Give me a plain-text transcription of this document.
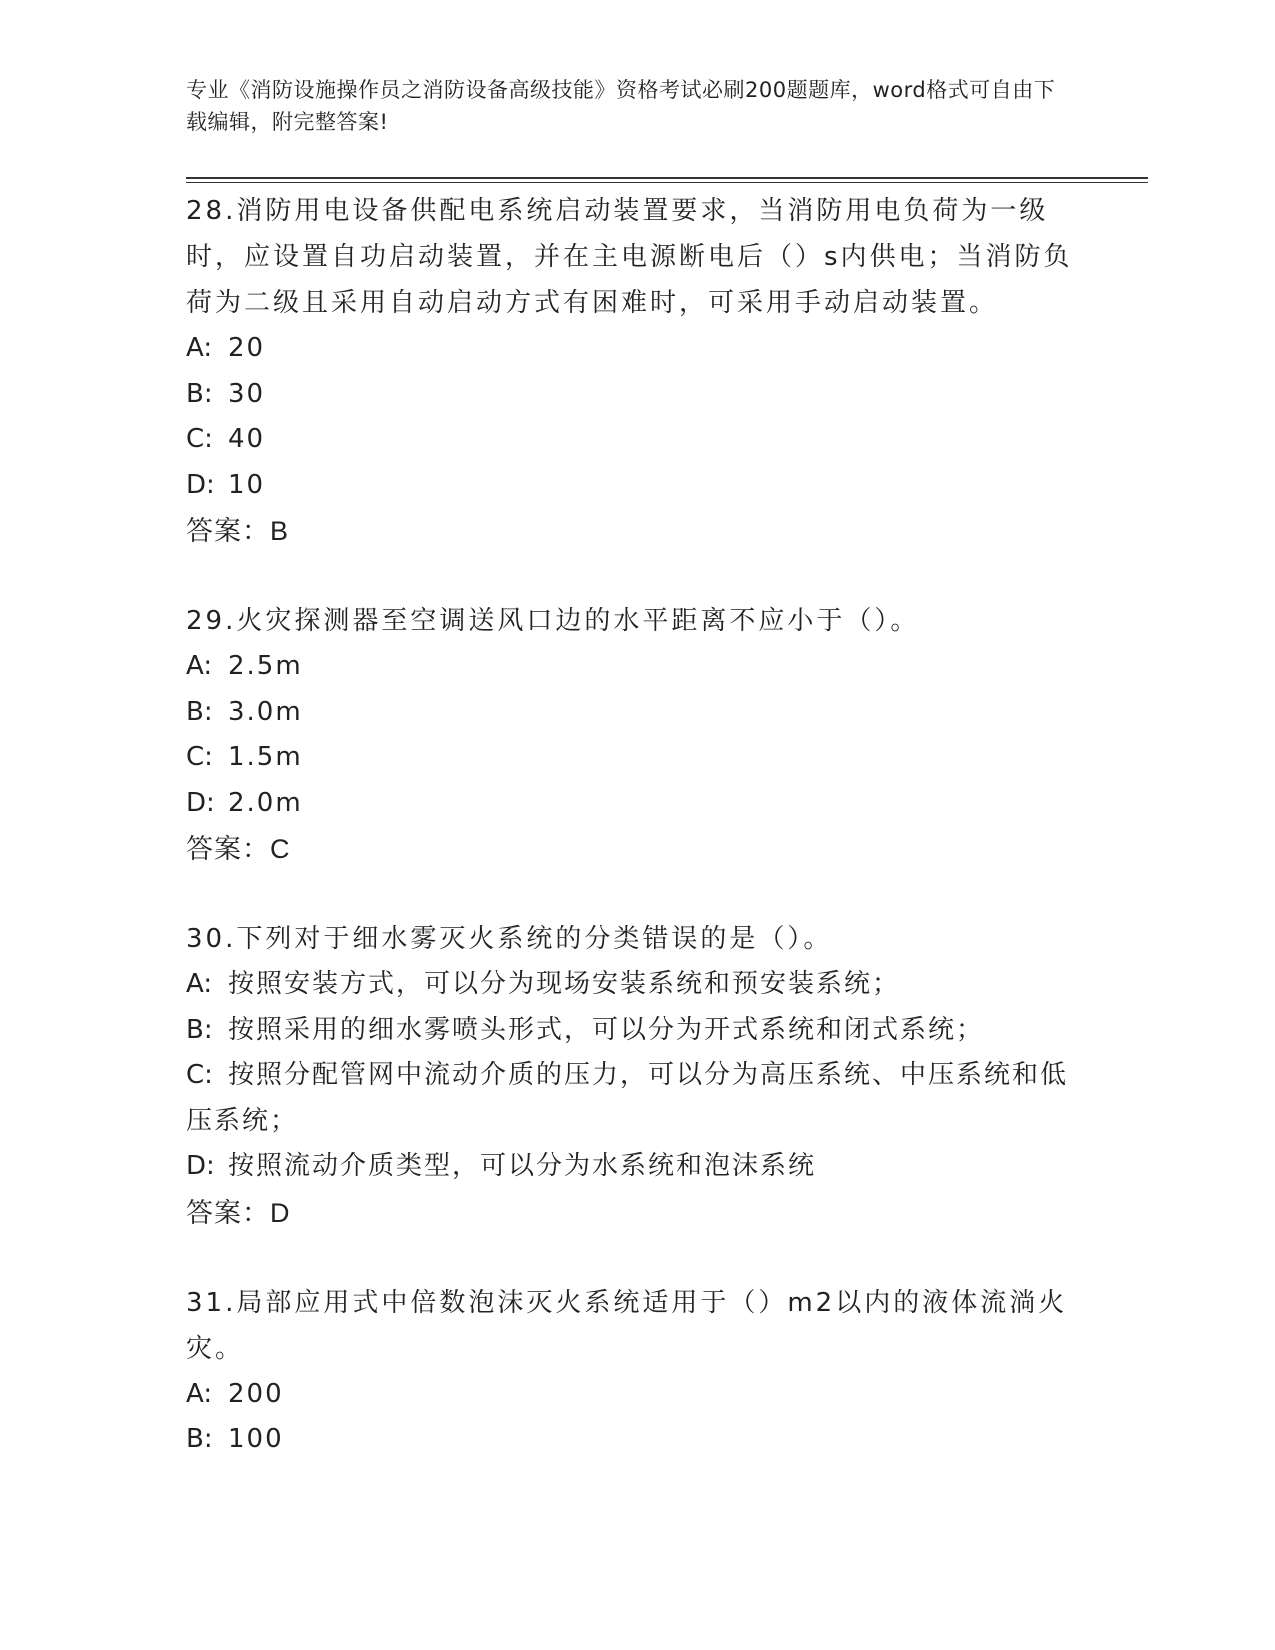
专业《消防设施操作员之消防设备高级技能》资格考试必刷200题题库，word格式可自由下载编辑，附完整答案!

28.消防用电设备供配电系统启动装置要求，当消防用电负荷为一级时，应设置自功启动装置，并在主电源断电后（）s内供电；当消防负荷为二级且采用自动启动方式有困难时，可采用手动启动装置。

A: 20

B: 30

C: 40

D: 10

答案：B

29.火灾探测器至空调送风口边的水平距离不应小于（）。

A: 2.5m

B: 3.0m

C: 1.5m

D: 2.0m

答案：C

30.下列对于细水雾灭火系统的分类错误的是（）。

A: 按照安装方式，可以分为现场安装系统和预安装系统；

B: 按照采用的细水雾喷头形式，可以分为开式系统和闭式系统；

C: 按照分配管网中流动介质的压力，可以分为高压系统、中压系统和低压系统；

D: 按照流动介质类型，可以分为水系统和泡沫系统

答案：D

31.局部应用式中倍数泡沫灭火系统适用于（）m2以内的液体流淌火灾。

A: 200

B: 100
